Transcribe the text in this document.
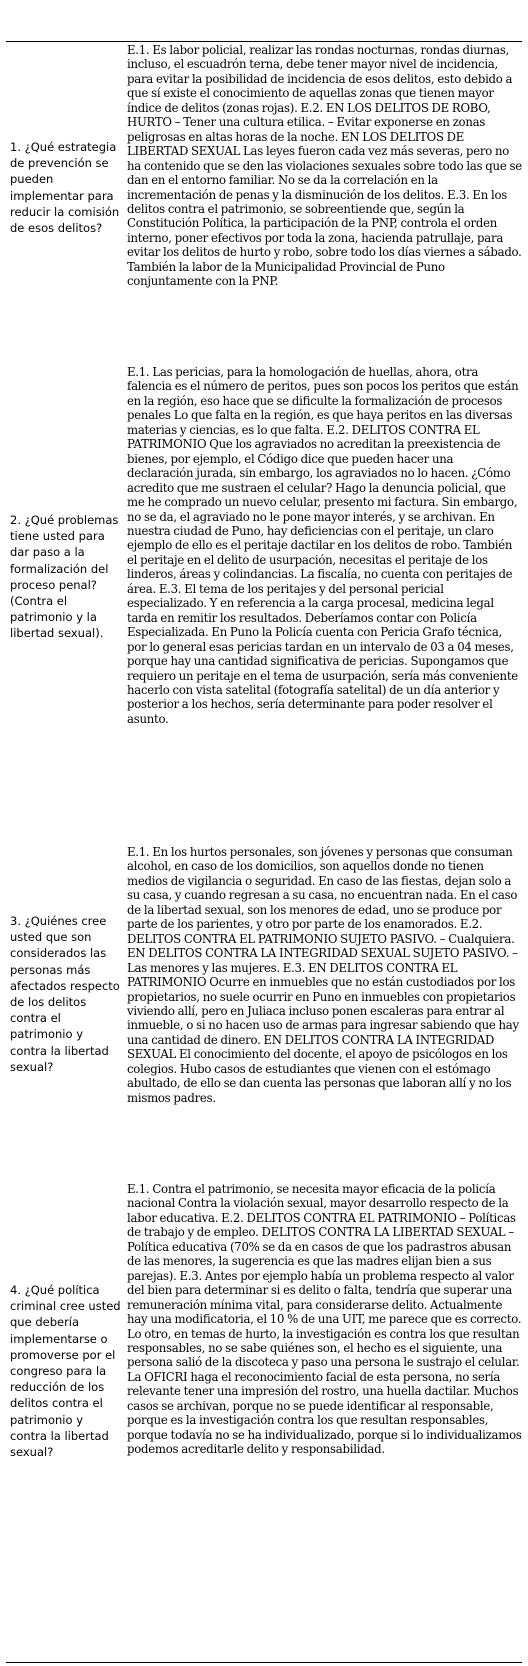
1. ¿Qué estrategia de prevención se pueden implementar para reducir la comisión de esos delitos?
E.1. Es labor policial, realizar las rondas nocturnas, rondas diurnas, incluso, el escuadrón terna, debe tener mayor nivel de incidencia, para evitar la posibilidad de incidencia de esos delitos, esto debido a que sí existe el conocimiento de aquellas zonas que tienen mayor índice de delitos (zonas rojas). E.2. EN LOS DELITOS DE ROBO, HURTO – Tener una cultura etilica. – Evitar exponerse en zonas peligrosas en altas horas de la noche. EN LOS DELITOS DE LIBERTAD SEXUAL Las leyes fueron cada vez más severas, pero no ha contenido que se den las violaciones sexuales sobre todo las que se dan en el entorno familiar. No se da la correlación en la incrementación de penas y la disminución de los delitos. E.3. En los delitos contra el patrimonio, se sobreentiende que, según la Constitución Política, la participación de la PNP, controla el orden interno, poner efectivos por toda la zona, hacienda patrullaje, para evitar los delitos de hurto y robo, sobre todo los días viernes a sábado. También la labor de la Municipalidad Provincial de Puno conjuntamente con la PNP.
2. ¿Qué problemas tiene usted para dar paso a la formalización del proceso penal? (Contra el patrimonio y la libertad sexual).
E.1. Las pericias, para la homologación de huellas, ahora, otra falencia es el número de peritos, pues son pocos los peritos que están en la región, eso hace que se dificulte la formalización de procesos penales Lo que falta en la región, es que haya peritos en las diversas materias y ciencias, es lo que falta. E.2. DELITOS CONTRA EL PATRIMONIO Que los agraviados no acreditan la preexistencia de bienes, por ejemplo, el Código dice que pueden hacer una declaración jurada, sin embargo, los agraviados no lo hacen. ¿Cómo acredito que me sustraen el celular? Hago la denuncia policial, que me he comprado un nuevo celular, presento mi factura. Sin embargo, no se da, el agraviado no le pone mayor interés, y se archivan. En nuestra ciudad de Puno, hay deficiencias con el peritaje, un claro ejemplo de ello es el peritaje dactilar en los delitos de robo. También el peritaje en el delito de usurpación, necesitas el peritaje de los linderos, áreas y colindancias. La fiscalía, no cuenta con peritajes de área. E.3. El tema de los peritajes y del personal pericial especializado. Y en referencia a la carga procesal, medicina legal tarda en remitir los resultados. Deberíamos contar con Policía Especializada. En Puno la Policía cuenta con Pericia Grafo técnica, por lo general esas pericias tardan en un intervalo de 03 a 04 meses, porque hay una cantidad significativa de pericias. Supongamos que requiero un peritaje en el tema de usurpación, sería más conveniente hacerlo con vista satelital (fotografía satelital) de un día anterior y posterior a los hechos, sería determinante para poder resolver el asunto.
3. ¿Quiénes cree usted que son considerados las personas más afectados respecto de los delitos contra el patrimonio y contra la libertad sexual?
E.1. En los hurtos personales, son jóvenes y personas que consuman alcohol, en caso de los domicilios, son aquellos donde no tienen medios de vigilancia o seguridad. En caso de las fiestas, dejan solo a su casa, y cuando regresan a su casa, no encuentran nada. En el caso de la libertad sexual, son los menores de edad, uno se produce por parte de los parientes, y otro por parte de los enamorados. E.2. DELITOS CONTRA EL PATRIMONIO SUJETO PASIVO. – Cualquiera. EN DELITOS CONTRA LA INTEGRIDAD SEXUAL SUJETO PASIVO. – Las menores y las mujeres. E.3. EN DELITOS CONTRA EL PATRIMONIO Ocurre en inmuebles que no están custodiados por los propietarios, no suele ocurrir en Puno en inmuebles con propietarios viviendo allí, pero en Juliaca incluso ponen escaleras para entrar al inmueble, o si no hacen uso de armas para ingresar sabiendo que hay una cantidad de dinero. EN DELITOS CONTRA LA INTEGRIDAD SEXUAL El conocimiento del docente, el apoyo de psicólogos en los colegios. Hubo casos de estudiantes que vienen con el estómago abultado, de ello se dan cuenta las personas que laboran allí y no los mismos padres.
4. ¿Qué política criminal cree usted que debería implementarse o promoverse por el congreso para la reducción de los delitos contra el patrimonio y contra la libertad sexual?
E.1. Contra el patrimonio, se necesita mayor eficacia de la policía nacional Contra la violación sexual, mayor desarrollo respecto de la labor educativa. E.2. DELITOS CONTRA EL PATRIMONIO – Políticas de trabajo y de empleo. DELITOS CONTRA LA LIBERTAD SEXUAL – Política educativa (70% se da en casos de que los padrastros abusan de las menores, la sugerencia es que las madres elijan bien a sus parejas). E.3. Antes por ejemplo había un problema respecto al valor del bien para determinar si es delito o falta, tendría que superar una remuneración mínima vital, para considerarse delito. Actualmente hay una modificatoria, el 10 % de una UIT, me parece que es correcto. Lo otro, en temas de hurto, la investigación es contra los que resultan responsables, no se sabe quiénes son, el hecho es el siguiente, una persona salió de la discoteca y paso una persona le sustrajo el celular. La OFICRI haga el reconocimiento facial de esta persona, no sería relevante tener una impresión del rostro, una huella dactilar. Muchos casos se archivan, porque no se puede identificar al responsable, porque es la investigación contra los que resultan responsables, porque todavía no se ha individualizado, porque si lo individualizamos podemos acreditarle delito y responsabilidad.
